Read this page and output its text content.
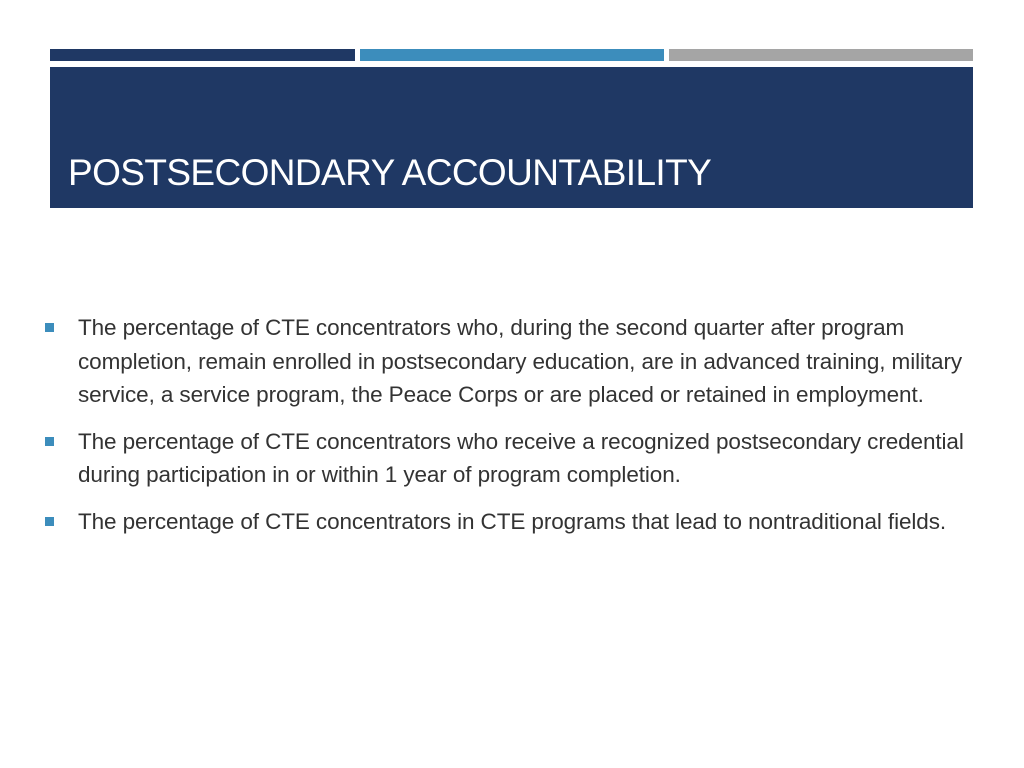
POSTSECONDARY ACCOUNTABILITY
The percentage of CTE concentrators who, during the second quarter after program completion, remain enrolled in postsecondary education, are in advanced training, military service, a service program, the Peace Corps or are placed or retained in employment.
The percentage of CTE concentrators who receive a recognized postsecondary credential during participation in or within 1 year of program completion.
The percentage of CTE concentrators in CTE programs that lead to nontraditional fields.
